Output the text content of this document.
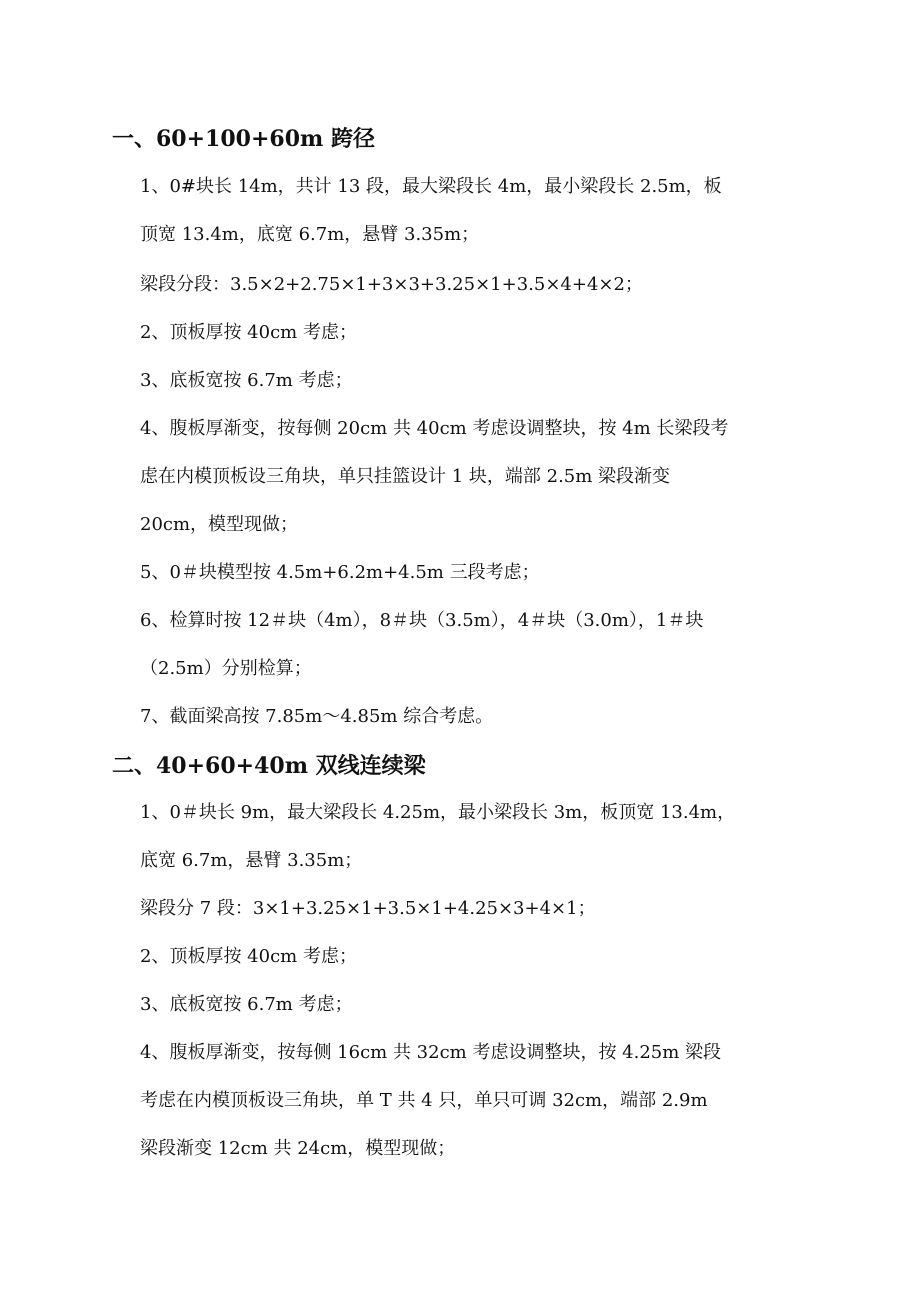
一、60+100+60m 跨径
1、0#块长 14m，共计 13 段，最大梁段长 4m，最小梁段长 2.5m，板
顶宽 13.4m，底宽 6.7m，悬臂 3.35m；
梁段分段：3.5×2+2.75×1+3×3+3.25×1+3.5×4+4×2；
2、顶板厚按 40cm 考虑；
3、底板宽按 6.7m 考虑；
4、腹板厚渐变，按每侧 20cm 共 40cm 考虑设调整块，按 4m 长梁段考
虑在内模顶板设三角块，单只挂篮设计 1 块，端部 2.5m 梁段渐变
20cm，模型现做；
5、0＃块模型按 4.5m+6.2m+4.5m 三段考虑；
6、检算时按 12＃块（4m），8＃块（3.5m），4＃块（3.0m），1＃块
（2.5m）分别检算；
7、截面梁高按 7.85m～4.85m 综合考虑。
二、40+60+40m 双线连续梁
1、0＃块长 9m，最大梁段长 4.25m，最小梁段长 3m，板顶宽 13.4m，
底宽 6.7m，悬臂 3.35m；
梁段分 7 段：3×1+3.25×1+3.5×1+4.25×3+4×1；
2、顶板厚按 40cm 考虑；
3、底板宽按 6.7m 考虑；
4、腹板厚渐变，按每侧 16cm 共 32cm 考虑设调整块，按 4.25m 梁段
考虑在内模顶板设三角块，单 T 共 4 只，单只可调 32cm，端部 2.9m
梁段渐变 12cm 共 24cm，模型现做；
